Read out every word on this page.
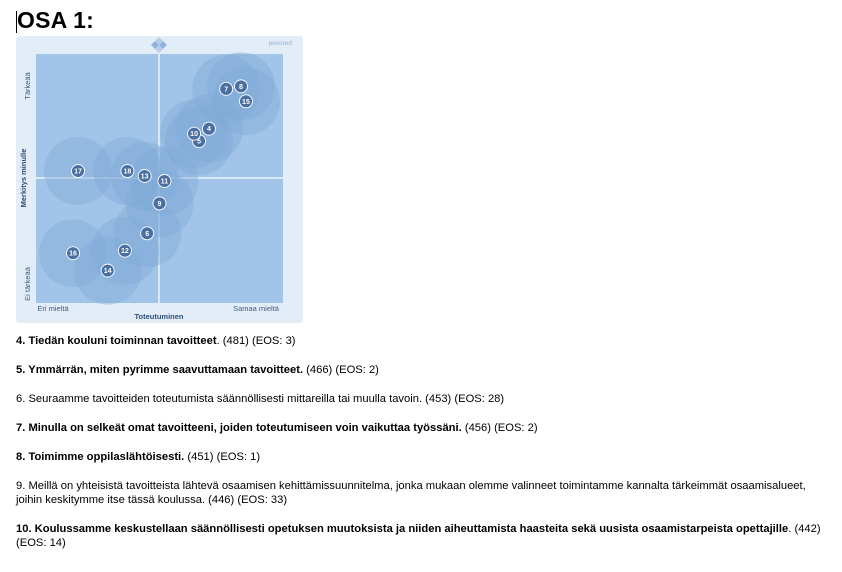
OSA 1:
pecored
Tärkeää
Merkitys minulle
Ei tärkeää
Eri mieltä
Toteutuminen
Samaa mieltä
4
5
6
7 8
9
10
11
12
13
14
15
16
17	18
4. Tiedän kouluni toiminnan tavoitteet. (481) (EOS: 3)
5. Ymmärrän, miten pyrimme saavuttamaan tavoitteet. (466) (EOS: 2)
6. Seuraamme tavoitteiden toteutumista säännöllisesti mittareilla tai muulla tavoin. (453) (EOS: 28)
7. Minulla on selkeät omat tavoitteeni, joiden toteutumiseen voin vaikuttaa työssäni. (456) (EOS: 2)
8. Toimimme oppilaslähtöisesti. (451) (EOS: 1)
9. Meillä on yhteisistä tavoitteista lähtevä osaamisen kehittämissuunnitelma, jonka mukaan olemme valinneet toimintamme kannalta tärkeimmät osaamisalueet, joihin keskitymme itse tässä koulussa. (446) (EOS: 33)
10. Koulussamme keskustellaan säännöllisesti opetuksen muutoksista ja niiden aiheuttamista haasteita sekä uusista osaamistarpeista opettajille. (442) (EOS: 14)
